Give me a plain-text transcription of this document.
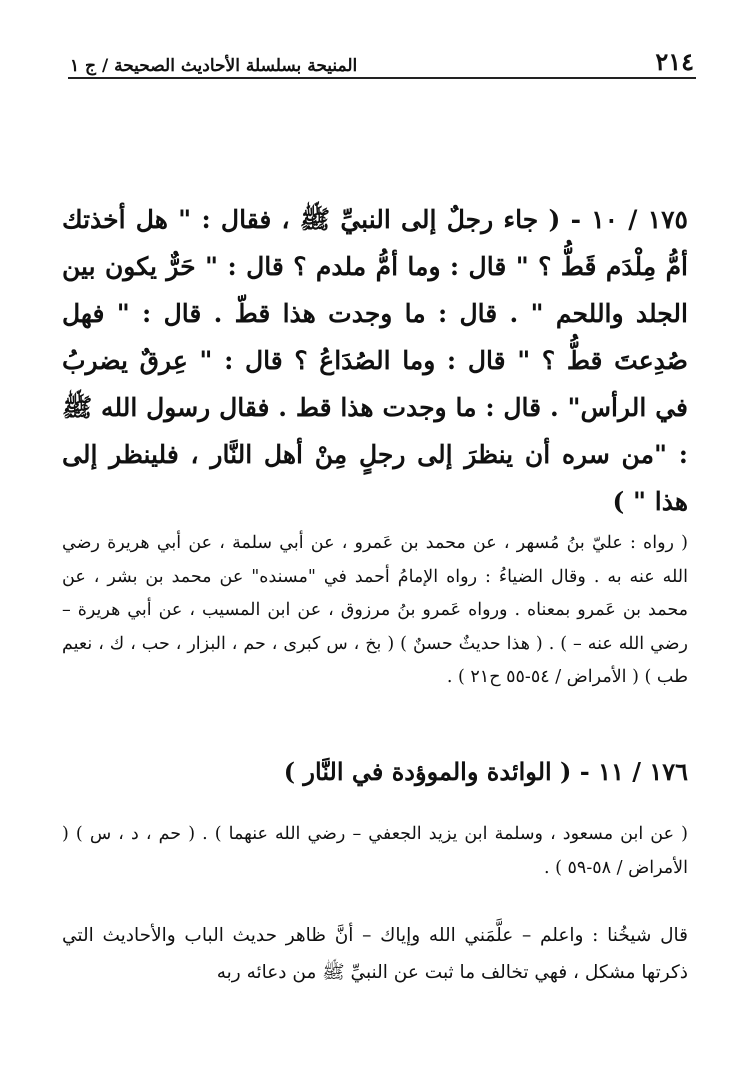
٢١٤
المنيحة بسلسلة الأحاديث الصحيحة / ج ١
١٧٥ / ١٠ - ( جاء رجلٌ إلى النبيِّ ﷺ ، فقال : " هل أخذتك أمُّ مِلْدَم قَطُّ ؟ " قال : وما أمُّ ملدم ؟ قال : " حَرٌّ يكون بين الجلد واللحم " . قال : ما وجدت هذا قطّ . قال : " فهل صُدِعتَ قطُّ ؟ " قال : وما الصُدَاعُ ؟ قال : " عِرقٌ يضربُ في الرأس" . قال : ما وجدت هذا قط . فقال رسول الله ﷺ : "من سره أن ينظرَ إلى رجلٍ مِنْ أهل النَّار ، فلينظر إلى هذا " )
( رواه : عليّ بنُ مُسهر ، عن محمد بن عَمرو ، عن أبي سلمة ، عن أبي هريرة رضي الله عنه به . وقال الضياءُ : رواه الإمامُ أحمد في "مسنده" عن محمد بن بشر ، عن محمد بن عَمرو بمعناه . ورواه عَمرو بنُ مرزوق ، عن ابن المسيب ، عن أبي هريرة – رضي الله عنه – ) . ( هذا حديثٌ حسنٌ ) ( بخ ، س كبرى ، حم ، البزار ، حب ، ك ، نعيم طب ) ( الأمراض / ٥٤-٥٥ ح٢١ ) .
١٧٦ / ١١ - ( الوائدة والموؤدة في النَّار )
( عن ابن مسعود ، وسلمة ابن يزيد الجعفي – رضي الله عنهما ) . ( حم ، د ، س ) ( الأمراض / ٥٨-٥٩ ) .
قال شيخُنا : واعلم – علَّمَني الله وإياك – أنَّ ظاهر حديث الباب والأحاديث التي ذكرتها مشكل ، فهي تخالف ما ثبت عن النبيِّ ﷺ من دعائه ربه
